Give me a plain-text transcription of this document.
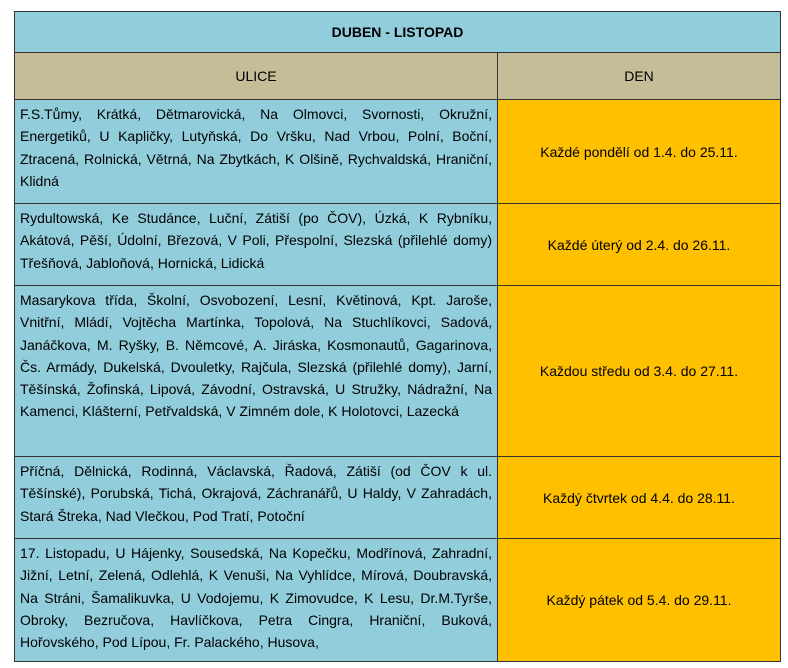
DUBEN - LISTOPAD	
ULICE	DEN
F.S.Tůmy, Krátká, Dětmarovická, Na Olmovci, Svornosti, Okružní, Energetiků, U Kapličky, Lutyňská, Do Vršku, Nad Vrbou, Polní, Boční, Ztracená, Rolnická, Větrná, Na Zbytkách, K Olšině, Rychvaldská, Hraniční, Klidná	Každé pondělí od 1.4. do 25.11.
Rydultowská, Ke Studánce, Luční, Zátiší (po ČOV), Úzká, K Rybníku, Akátová, Pěší, Údolní, Březová, V Poli, Přespolní, Slezská (přilehlé domy) Třešňová, Jabloňová, Hornická, Lidická	Každé úterý od 2.4. do 26.11.
Masarykova třída, Školní, Osvobození, Lesní, Květinová, Kpt. Jaroše, Vnitřní, Mládí, Vojtěcha Martínka, Topolová, Na Stuchlíkovci, Sadová, Janáčkova, M. Ryšky, B. Němcové, A. Jiráska, Kosmonautů, Gagarinova, Čs. Armády, Dukelská, Dvouletky, Rajčula, Slezská (přilehlé domy), Jarní, Těšínská, Žofinská, Lipová, Závodní, Ostravská, U Stružky, Nádražní, Na Kamenci, Klášterní, Petřvaldská, V Zimném dole, K Holotovci, Lazecká	Každou středu od 3.4. do 27.11.
Příčná, Dělnická, Rodinná, Václavská, Řadová, Zátiší (od ČOV k ul. Těšínské), Porubská, Tichá, Okrajová, Záchranářů, U Haldy, V Zahradách, Stará Štreka, Nad Vlečkou, Pod Tratí, Potoční	Každý čtvrtek od 4.4. do 28.11.
17. Listopadu, U Hájenky, Sousedská, Na Kopečku, Modřínová, Zahradní, Jižní, Letní, Zelená, Odlehlá, K Venuši, Na Vyhlídce, Mírová, Doubravská, Na Stráni, Šamalikuvka, U Vodojemu, K Zimovudce, K Lesu, Dr.M.Tyrše, Obroky, Bezručova, Havlíčkova, Petra Cingra, Hraniční, Buková, Hořovského, Pod Lípou, Fr. Palackého, Husova,	Každý pátek od 5.4. do 29.11.
